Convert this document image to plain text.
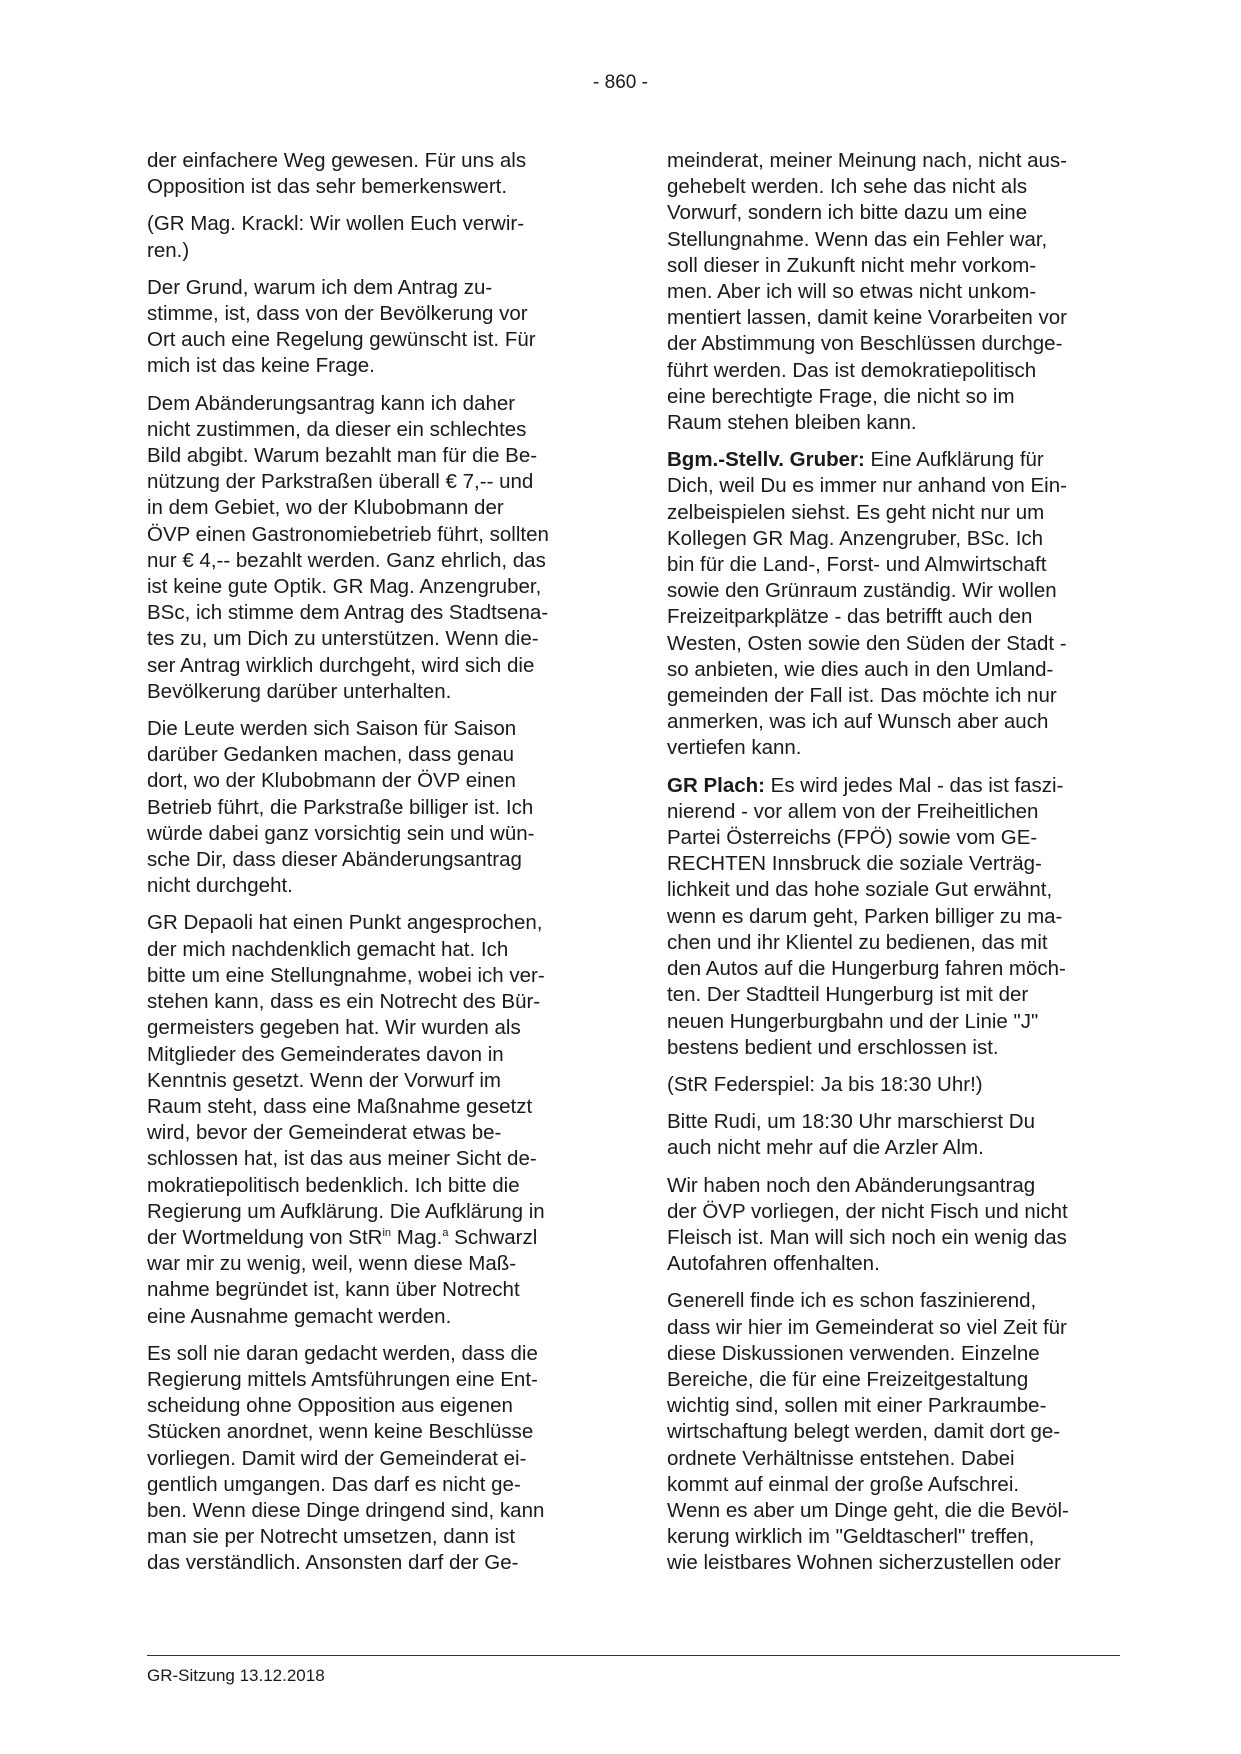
- 860 -

der einfachere Weg gewesen. Für uns als
Opposition ist das sehr bemerkenswert.

(GR Mag. Krackl: Wir wollen Euch verwir-
ren.)

Der Grund, warum ich dem Antrag zu-
stimme, ist, dass von der Bevölkerung vor
Ort auch eine Regelung gewünscht ist. Für
mich ist das keine Frage.

Dem Abänderungsantrag kann ich daher
nicht zustimmen, da dieser ein schlechtes
Bild abgibt. Warum bezahlt man für die Be-
nützung der Parkstraßen überall € 7,-- und
in dem Gebiet, wo der Klubobmann der
ÖVP einen Gastronomiebetrieb führt, sollten
nur € 4,-- bezahlt werden. Ganz ehrlich, das
ist keine gute Optik. GR Mag. Anzengruber,
BSc, ich stimme dem Antrag des Stadtsena-
tes zu, um Dich zu unterstützen. Wenn die-
ser Antrag wirklich durchgeht, wird sich die
Bevölkerung darüber unterhalten.

Die Leute werden sich Saison für Saison
darüber Gedanken machen, dass genau
dort, wo der Klubobmann der ÖVP einen
Betrieb führt, die Parkstraße billiger ist. Ich
würde dabei ganz vorsichtig sein und wün-
sche Dir, dass dieser Abänderungsantrag
nicht durchgeht.

GR Depaoli hat einen Punkt angesprochen,
der mich nachdenklich gemacht hat. Ich
bitte um eine Stellungnahme, wobei ich ver-
stehen kann, dass es ein Notrecht des Bür-
germeisters gegeben hat. Wir wurden als
Mitglieder des Gemeinderates davon in
Kenntnis gesetzt. Wenn der Vorwurf im
Raum steht, dass eine Maßnahme gesetzt
wird, bevor der Gemeinderat etwas be-
schlossen hat, ist das aus meiner Sicht de-
mokratiepolitisch bedenklich. Ich bitte die
Regierung um Aufklärung. Die Aufklärung in
der Wortmeldung von StR$^{in}$ Mag.$^a$ Schwarzl
war mir zu wenig, weil, wenn diese Maß-
nahme begründet ist, kann über Notrecht
eine Ausnahme gemacht werden.

Es soll nie daran gedacht werden, dass die
Regierung mittels Amtsführungen eine Ent-
scheidung ohne Opposition aus eigenen
Stücken anordnet, wenn keine Beschlüsse
vorliegen. Damit wird der Gemeinderat ei-
gentlich umgangen. Das darf es nicht ge-
ben. Wenn diese Dinge dringend sind, kann
man sie per Notrecht umsetzen, dann ist
das verständlich. Ansonsten darf der Ge-

meinderat, meiner Meinung nach, nicht aus-
gehebelt werden. Ich sehe das nicht als
Vorwurf, sondern ich bitte dazu um eine
Stellungnahme. Wenn das ein Fehler war,
soll dieser in Zukunft nicht mehr vorkom-
men. Aber ich will so etwas nicht unkom-
mentiert lassen, damit keine Vorarbeiten vor
der Abstimmung von Beschlüssen durchge-
führt werden. Das ist demokratiepolitisch
eine berechtigte Frage, die nicht so im
Raum stehen bleiben kann.

Bgm.-Stellv. Gruber: Eine Aufklärung für
Dich, weil Du es immer nur anhand von Ein-
zelbeispielen siehst. Es geht nicht nur um
Kollegen GR Mag. Anzengruber, BSc. Ich
bin für die Land-, Forst- und Almwirtschaft
sowie den Grünraum zuständig. Wir wollen
Freizeitparkplätze - das betrifft auch den
Westen, Osten sowie den Süden der Stadt -
so anbieten, wie dies auch in den Umland-
gemeinden der Fall ist. Das möchte ich nur
anmerken, was ich auf Wunsch aber auch
vertiefen kann.

GR Plach: Es wird jedes Mal - das ist faszi-
nierend - vor allem von der Freiheitlichen
Partei Österreichs (FPÖ) sowie vom GE-
RECHTEN Innsbruck die soziale Verträg-
lichkeit und das hohe soziale Gut erwähnt,
wenn es darum geht, Parken billiger zu ma-
chen und ihr Klientel zu bedienen, das mit
den Autos auf die Hungerburg fahren möch-
ten. Der Stadtteil Hungerburg ist mit der
neuen Hungerburgbahn und der Linie "J"
bestens bedient und erschlossen ist.

(StR Federspiel: Ja bis 18:30 Uhr!)

Bitte Rudi, um 18:30 Uhr marschierst Du
auch nicht mehr auf die Arzler Alm.

Wir haben noch den Abänderungsantrag
der ÖVP vorliegen, der nicht Fisch und nicht
Fleisch ist. Man will sich noch ein wenig das
Autofahren offenhalten.

Generell finde ich es schon faszinierend,
dass wir hier im Gemeinderat so viel Zeit für
diese Diskussionen verwenden. Einzelne
Bereiche, die für eine Freizeitgestaltung
wichtig sind, sollen mit einer Parkraumbe-
wirtschaftung belegt werden, damit dort ge-
ordnete Verhältnisse entstehen. Dabei
kommt auf einmal der große Aufschrei.
Wenn es aber um Dinge geht, die die Bevöl-
kerung wirklich im "Geldtascherl" treffen,
wie leistbares Wohnen sicherzustellen oder

GR-Sitzung 13.12.2018
